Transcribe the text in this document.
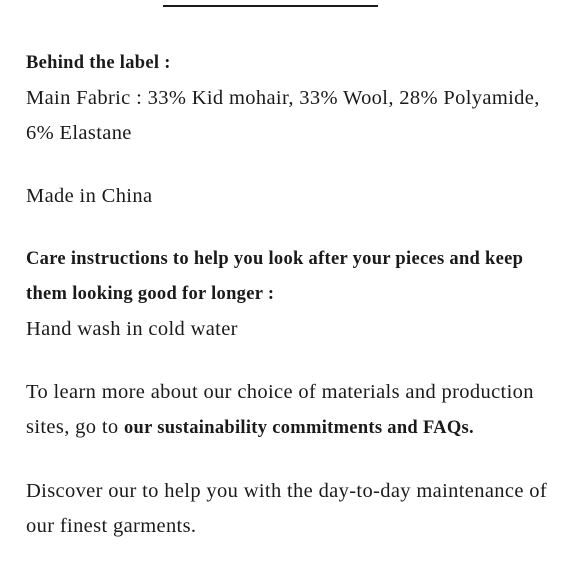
Behind the label :
Main Fabric : 33% Kid mohair, 33% Wool, 28% Polyamide, 6% Elastane

Made in China

Care instructions to help you look after your pieces and keep them looking good for longer :
Hand wash in cold water

To learn more about our choice of materials and production sites, go to our sustainability commitments and FAQs.

Discover our to help you with the day-to-day maintenance of our finest garments.
